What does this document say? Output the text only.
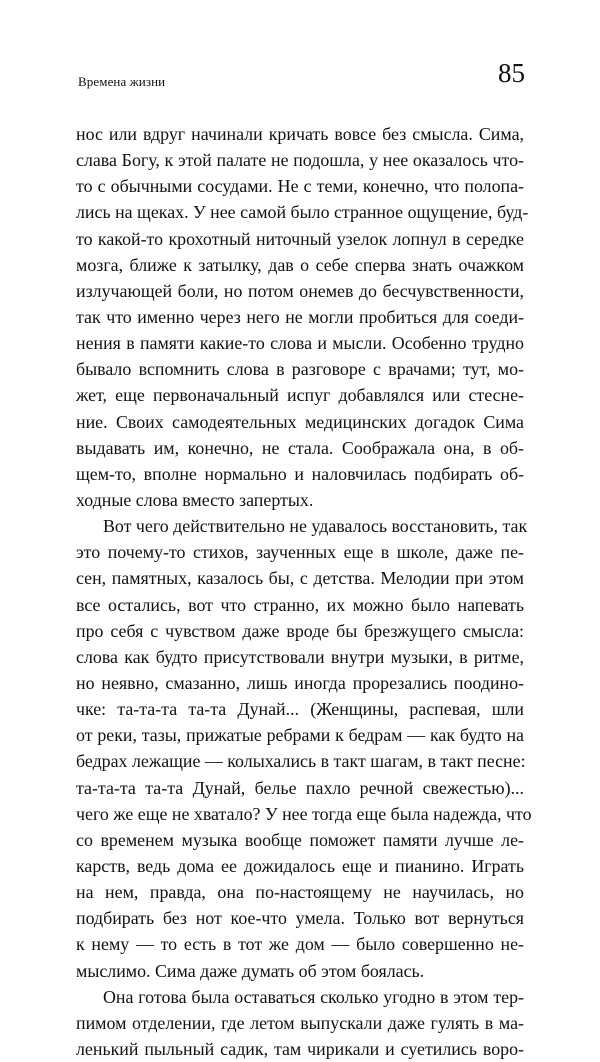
Времена жизни	85
нос или вдруг начинали кричать вовсе без смысла. Сима,
слава Богу, к этой палате не подошла, у нее оказалось что-
то с обычными сосудами. Не с теми, конечно, что полопа-
лись на щеках. У нее самой было странное ощущение, буд-
то какой-то крохотный ниточный узелок лопнул в середке
мозга, ближе к затылку, дав о себе сперва знать очажком
излучающей боли, но потом онемев до бесчувственности,
так что именно через него не могли пробиться для соеди-
нения в памяти какие-то слова и мысли. Особенно трудно
бывало вспомнить слова в разговоре с врачами; тут, мо-
жет, еще первоначальный испуг добавлялся или стесне-
ние. Своих самодеятельных медицинских догадок Сима
выдавать им, конечно, не стала. Соображала она, в об-
щем-то, вполне нормально и наловчилась подбирать об-
ходные слова вместо запертых.
Вот чего действительно не удавалось восстановить, так
это почему-то стихов, заученных еще в школе, даже пе-
сен, памятных, казалось бы, с детства. Мелодии при этом
все остались, вот что странно, их можно было напевать
про себя с чувством даже вроде бы брезжущего смысла:
слова как будто присутствовали внутри музыки, в ритме,
но неявно, смазанно, лишь иногда прорезались поодино-
чке: та-та-та та-та Дунай... (Женщины, распевая, шли
от реки, тазы, прижатые ребрами к бедрам — как будто на
бедрах лежащие — колыхались в такт шагам, в такт песне:
та-та-та та-та Дунай, белье пахло речной свежестью)...
чего же еще не хватало? У нее тогда еще была надежда, что
со временем музыка вообще поможет памяти лучше ле-
карств, ведь дома ее дожидалось еще и пианино. Играть
на нем, правда, она по-настоящему не научилась, но
подбирать без нот кое-что умела. Только вот вернуться
к нему — то есть в тот же дом — было совершенно не-
мыслимо. Сима даже думать об этом боялась.
Она готова была оставаться сколько угодно в этом тер-
пимом отделении, где летом выпускали даже гулять в ма-
ленький пыльный садик, там чирикали и суетились воро-
